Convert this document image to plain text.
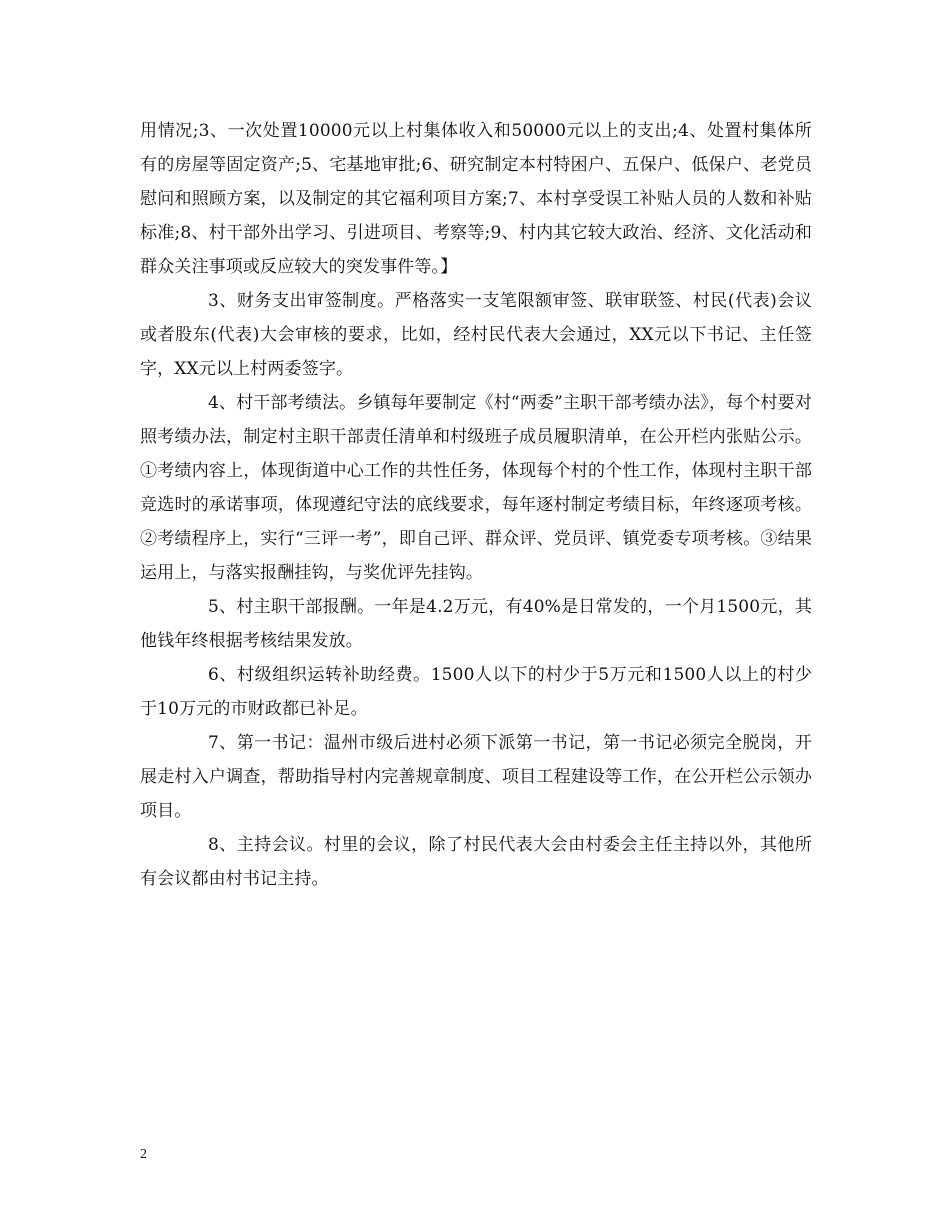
用情况;3、一次处置10000元以上村集体收入和50000元以上的支出;4、处置村集体所有的房屋等固定资产;5、宅基地审批;6、研究制定本村特困户、五保户、低保户、老党员慰问和照顾方案，以及制定的其它福利项目方案;7、本村享受误工补贴人员的人数和补贴标准;8、村干部外出学习、引进项目、考察等;9、村内其它较大政治、经济、文化活动和群众关注事项或反应较大的突发事件等。】

3、财务支出审签制度。严格落实一支笔限额审签、联审联签、村民(代表)会议或者股东(代表)大会审核的要求，比如，经村民代表大会通过，XX元以下书记、主任签字，XX元以上村两委签字。

4、村干部考绩法。乡镇每年要制定《村“两委”主职干部考绩办法》，每个村要对照考绩办法，制定村主职干部责任清单和村级班子成员履职清单，在公开栏内张贴公示。①考绩内容上，体现街道中心工作的共性任务，体现每个村的个性工作，体现村主职干部竞选时的承诺事项，体现遵纪守法的底线要求，每年逐村制定考绩目标，年终逐项考核。②考绩程序上，实行“三评一考”，即自己评、群众评、党员评、镇党委专项考核。③结果运用上，与落实报酬挂钩，与奖优评先挂钩。

5、村主职干部报酬。一年是4.2万元，有40%是日常发的，一个月1500元，其他钱年终根据考核结果发放。

6、村级组织运转补助经费。1500人以下的村少于5万元和1500人以上的村少于10万元的市财政都已补足。

7、第一书记：温州市级后进村必须下派第一书记，第一书记必须完全脱岗，开展走村入户调查，帮助指导村内完善规章制度、项目工程建设等工作，在公开栏公示领办项目。

8、主持会议。村里的会议，除了村民代表大会由村委会主任主持以外，其他所有会议都由村书记主持。

2
